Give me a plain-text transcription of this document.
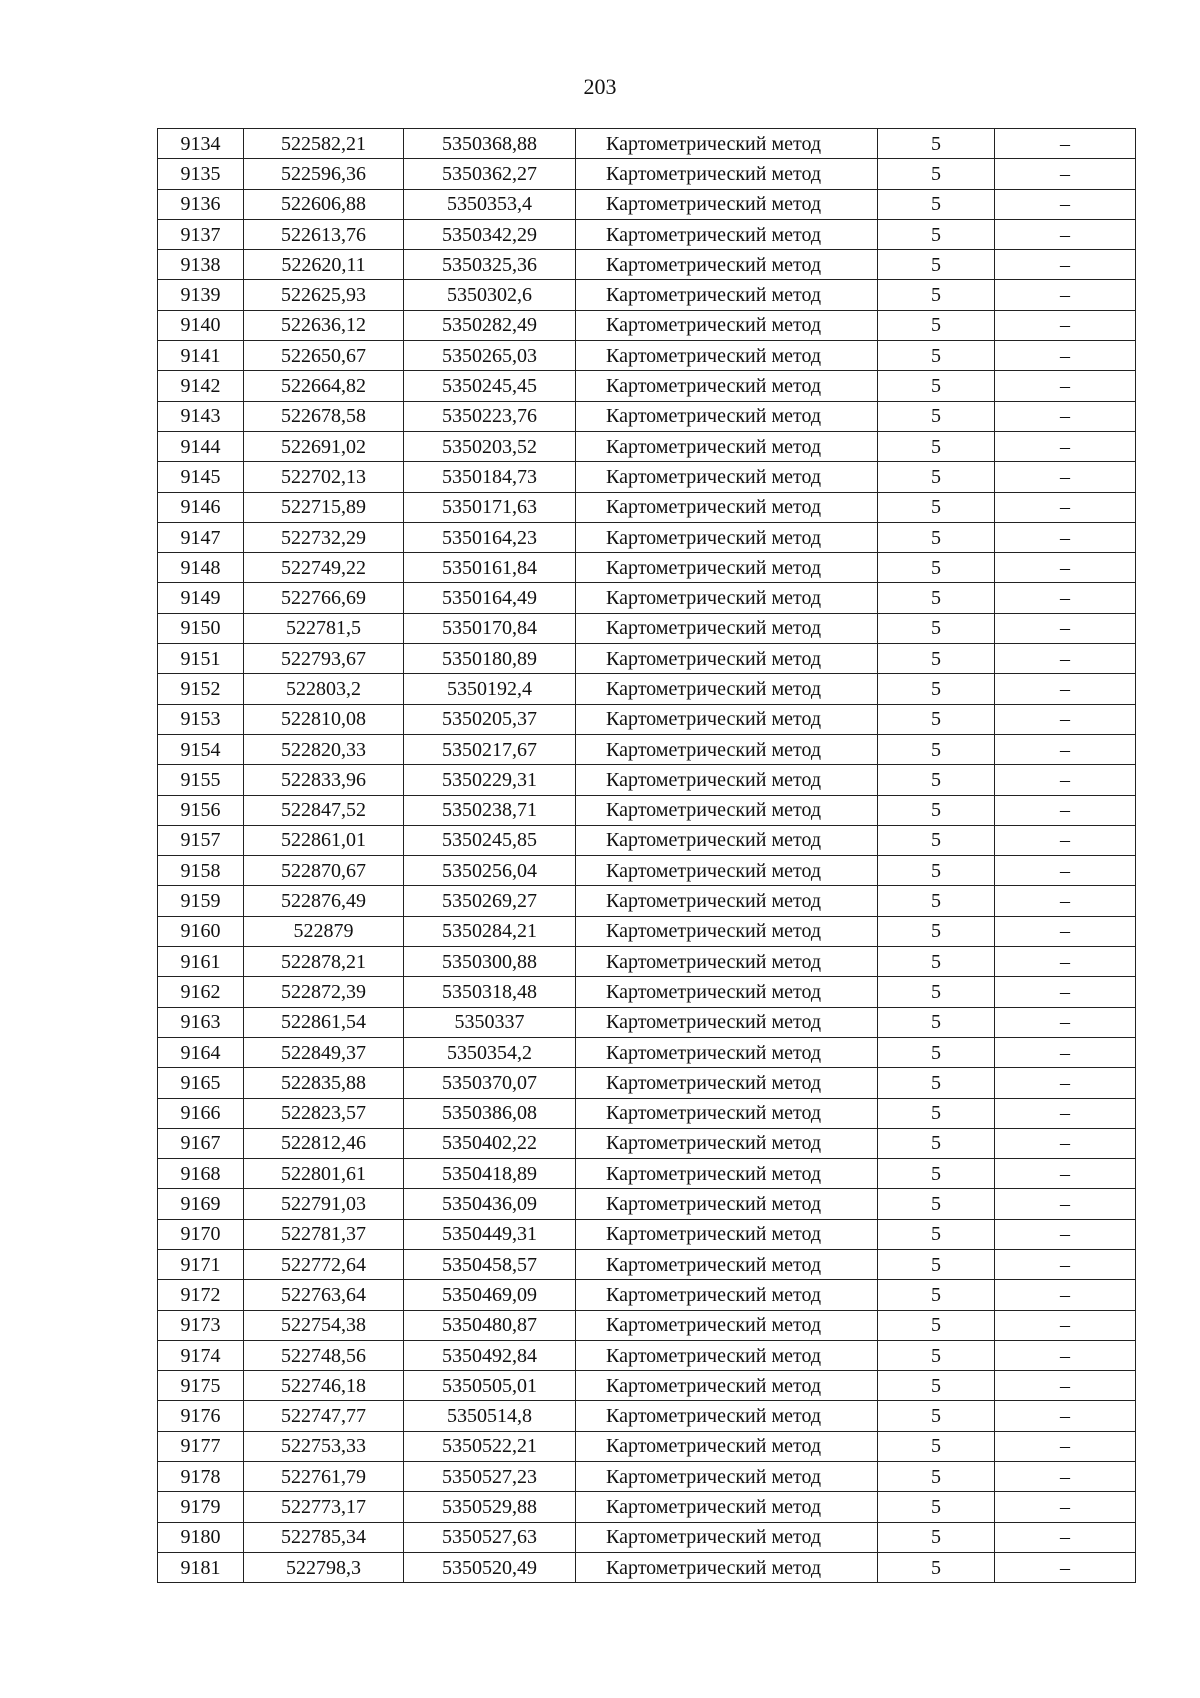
203
9134	522582,21	5350368,88	Картометрический метод	5	–
9135	522596,36	5350362,27	Картометрический метод	5	–
9136	522606,88	5350353,4	Картометрический метод	5	–
9137	522613,76	5350342,29	Картометрический метод	5	–
9138	522620,11	5350325,36	Картометрический метод	5	–
9139	522625,93	5350302,6	Картометрический метод	5	–
9140	522636,12	5350282,49	Картометрический метод	5	–
9141	522650,67	5350265,03	Картометрический метод	5	–
9142	522664,82	5350245,45	Картометрический метод	5	–
9143	522678,58	5350223,76	Картометрический метод	5	–
9144	522691,02	5350203,52	Картометрический метод	5	–
9145	522702,13	5350184,73	Картометрический метод	5	–
9146	522715,89	5350171,63	Картометрический метод	5	–
9147	522732,29	5350164,23	Картометрический метод	5	–
9148	522749,22	5350161,84	Картометрический метод	5	–
9149	522766,69	5350164,49	Картометрический метод	5	–
9150	522781,5	5350170,84	Картометрический метод	5	–
9151	522793,67	5350180,89	Картометрический метод	5	–
9152	522803,2	5350192,4	Картометрический метод	5	–
9153	522810,08	5350205,37	Картометрический метод	5	–
9154	522820,33	5350217,67	Картометрический метод	5	–
9155	522833,96	5350229,31	Картометрический метод	5	–
9156	522847,52	5350238,71	Картометрический метод	5	–
9157	522861,01	5350245,85	Картометрический метод	5	–
9158	522870,67	5350256,04	Картометрический метод	5	–
9159	522876,49	5350269,27	Картометрический метод	5	–
9160	522879	5350284,21	Картометрический метод	5	–
9161	522878,21	5350300,88	Картометрический метод	5	–
9162	522872,39	5350318,48	Картометрический метод	5	–
9163	522861,54	5350337	Картометрический метод	5	–
9164	522849,37	5350354,2	Картометрический метод	5	–
9165	522835,88	5350370,07	Картометрический метод	5	–
9166	522823,57	5350386,08	Картометрический метод	5	–
9167	522812,46	5350402,22	Картометрический метод	5	–
9168	522801,61	5350418,89	Картометрический метод	5	–
9169	522791,03	5350436,09	Картометрический метод	5	–
9170	522781,37	5350449,31	Картометрический метод	5	–
9171	522772,64	5350458,57	Картометрический метод	5	–
9172	522763,64	5350469,09	Картометрический метод	5	–
9173	522754,38	5350480,87	Картометрический метод	5	–
9174	522748,56	5350492,84	Картометрический метод	5	–
9175	522746,18	5350505,01	Картометрический метод	5	–
9176	522747,77	5350514,8	Картометрический метод	5	–
9177	522753,33	5350522,21	Картометрический метод	5	–
9178	522761,79	5350527,23	Картометрический метод	5	–
9179	522773,17	5350529,88	Картометрический метод	5	–
9180	522785,34	5350527,63	Картометрический метод	5	–
9181	522798,3	5350520,49	Картометрический метод	5	–
